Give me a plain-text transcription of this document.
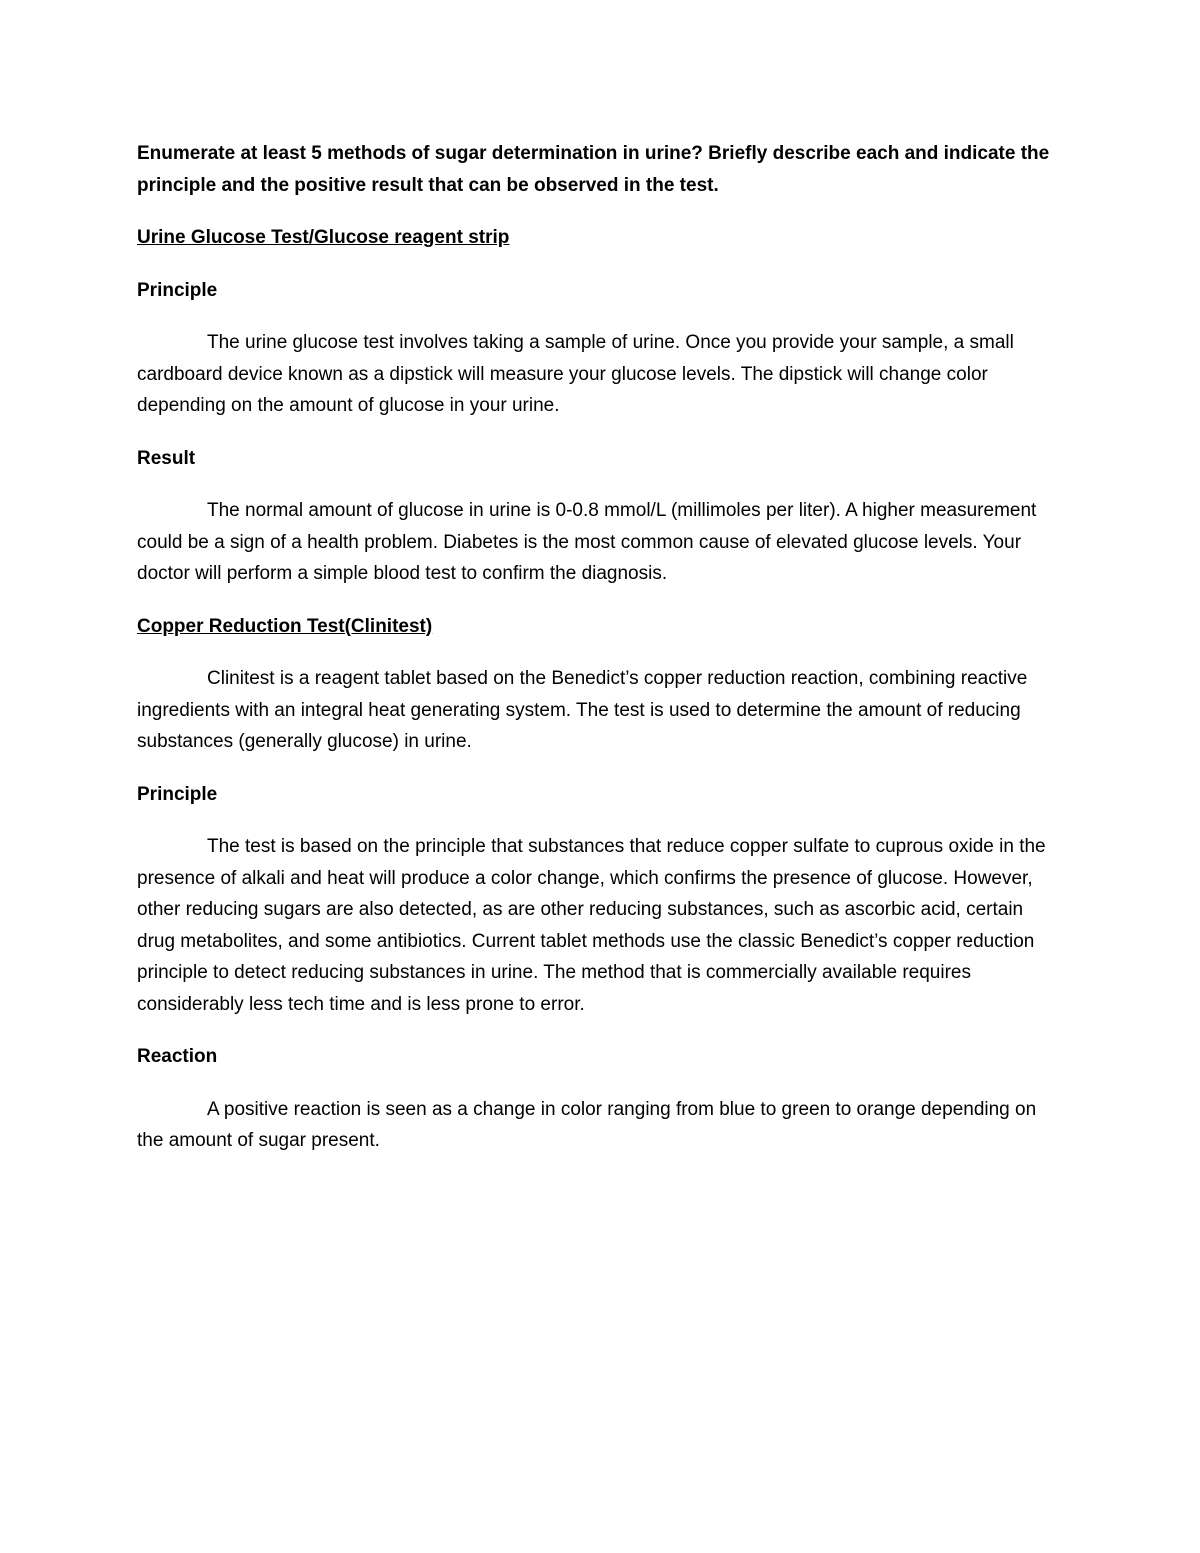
Enumerate at least 5 methods of sugar determination in urine? Briefly describe each and indicate the principle and the positive result that can be observed in the test.

Urine Glucose Test/Glucose reagent strip

Principle

The urine glucose test involves taking a sample of urine. Once you provide your sample, a small cardboard device known as a dipstick will measure your glucose levels. The dipstick will change color depending on the amount of glucose in your urine.

Result

The normal amount of glucose in urine is 0-0.8 mmol/L (millimoles per liter). A higher measurement could be a sign of a health problem. Diabetes is the most common cause of elevated glucose levels. Your doctor will perform a simple blood test to confirm the diagnosis.

Copper Reduction Test(Clinitest)

Clinitest is a reagent tablet based on the Benedict’s copper reduction reaction, combining reactive ingredients with an integral heat generating system. The test is used to determine the amount of reducing substances (generally glucose) in urine.

Principle

The test is based on the principle that substances that reduce copper sulfate to cuprous oxide in the presence of alkali and heat will produce a color change, which confirms the presence of glucose. However, other reducing sugars are also detected, as are other reducing substances, such as ascorbic acid, certain drug metabolites, and some antibiotics. Current tablet methods use the classic Benedict’s copper reduction principle to detect reducing substances in urine. The method that is commercially available requires considerably less tech time and is less prone to error.

Reaction

A positive reaction is seen as a change in color ranging from blue to green to orange depending on the amount of sugar present.
